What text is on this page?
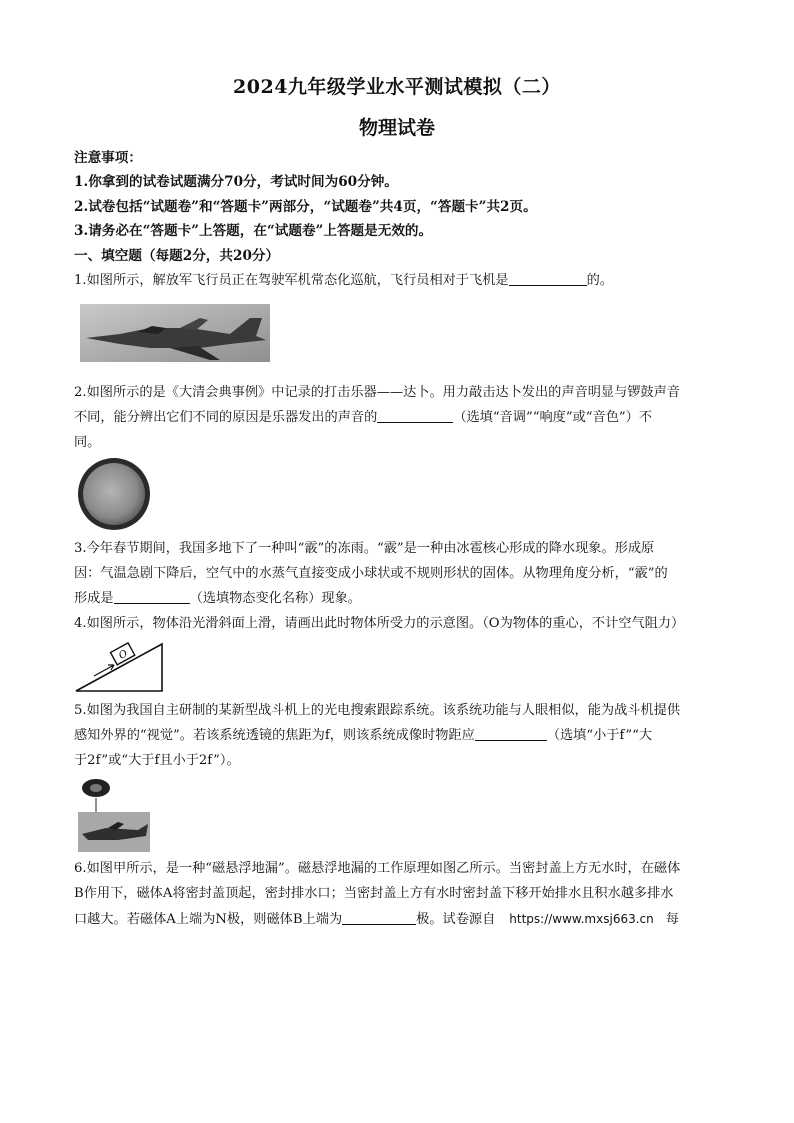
2024九年级学业水平测试模拟（二）
物理试卷
注意事项：
1.你拿到的试卷试题满分70分，考试时间为60分钟。
2.试卷包括“试题卷”和“答题卡”两部分，“试题卷”共4页，“答题卡”共2页。
3.请务必在“答题卡”上答题，在“试题卷”上答题是无效的。
一、填空题（每题2分，共20分）
1.如图所示，解放军飞行员正在驾驶军机常态化巡航，飞行员相对于飞机是	的。
2.如图所示的是《大清会典事例》中记录的打击乐器——达卜。用力敲击达卜发出的声音明显与锣鼓声音
不同，能分辨出它们不同的原因是乐器发出的声音的	（选填“音调”“响度”或“音色”）不
同。
3.今年春节期间，我国多地下了一种叫“霰”的冻雨。“霰”是一种由冰雹核心形成的降水现象。形成原
因：气温急剧下降后，空气中的水蒸气直接变成小球状或不规则形状的固体。从物理角度分析，“霰”的
形成是	（选填物态变化名称）现象。
4.如图所示，物体沿光滑斜面上滑，请画出此时物体所受力的示意图。（O为物体的重心，不计空气阻力）
O
5.如图为我国自主研制的某新型战斗机上的光电搜索跟踪系统。该系统功能与人眼相似，能为战斗机提供
感知外界的“视觉”。若该系统透镜的焦距为f，则该系统成像时物距应	（选填“小于f”“大
于2f”或“大于f且小于2f”）。
6.如图甲所示，是一种“磁悬浮地漏”。磁悬浮地漏的工作原理如图乙所示。当密封盖上方无水时，在磁体
B作用下，磁体A将密封盖顶起，密封排水口；当密封盖上方有水时密封盖下移开始排水且积水越多排水
口越大。若磁体A上端为N极，则磁体B上端为	极。试卷源自 https://www.mxsj663.cn 每
